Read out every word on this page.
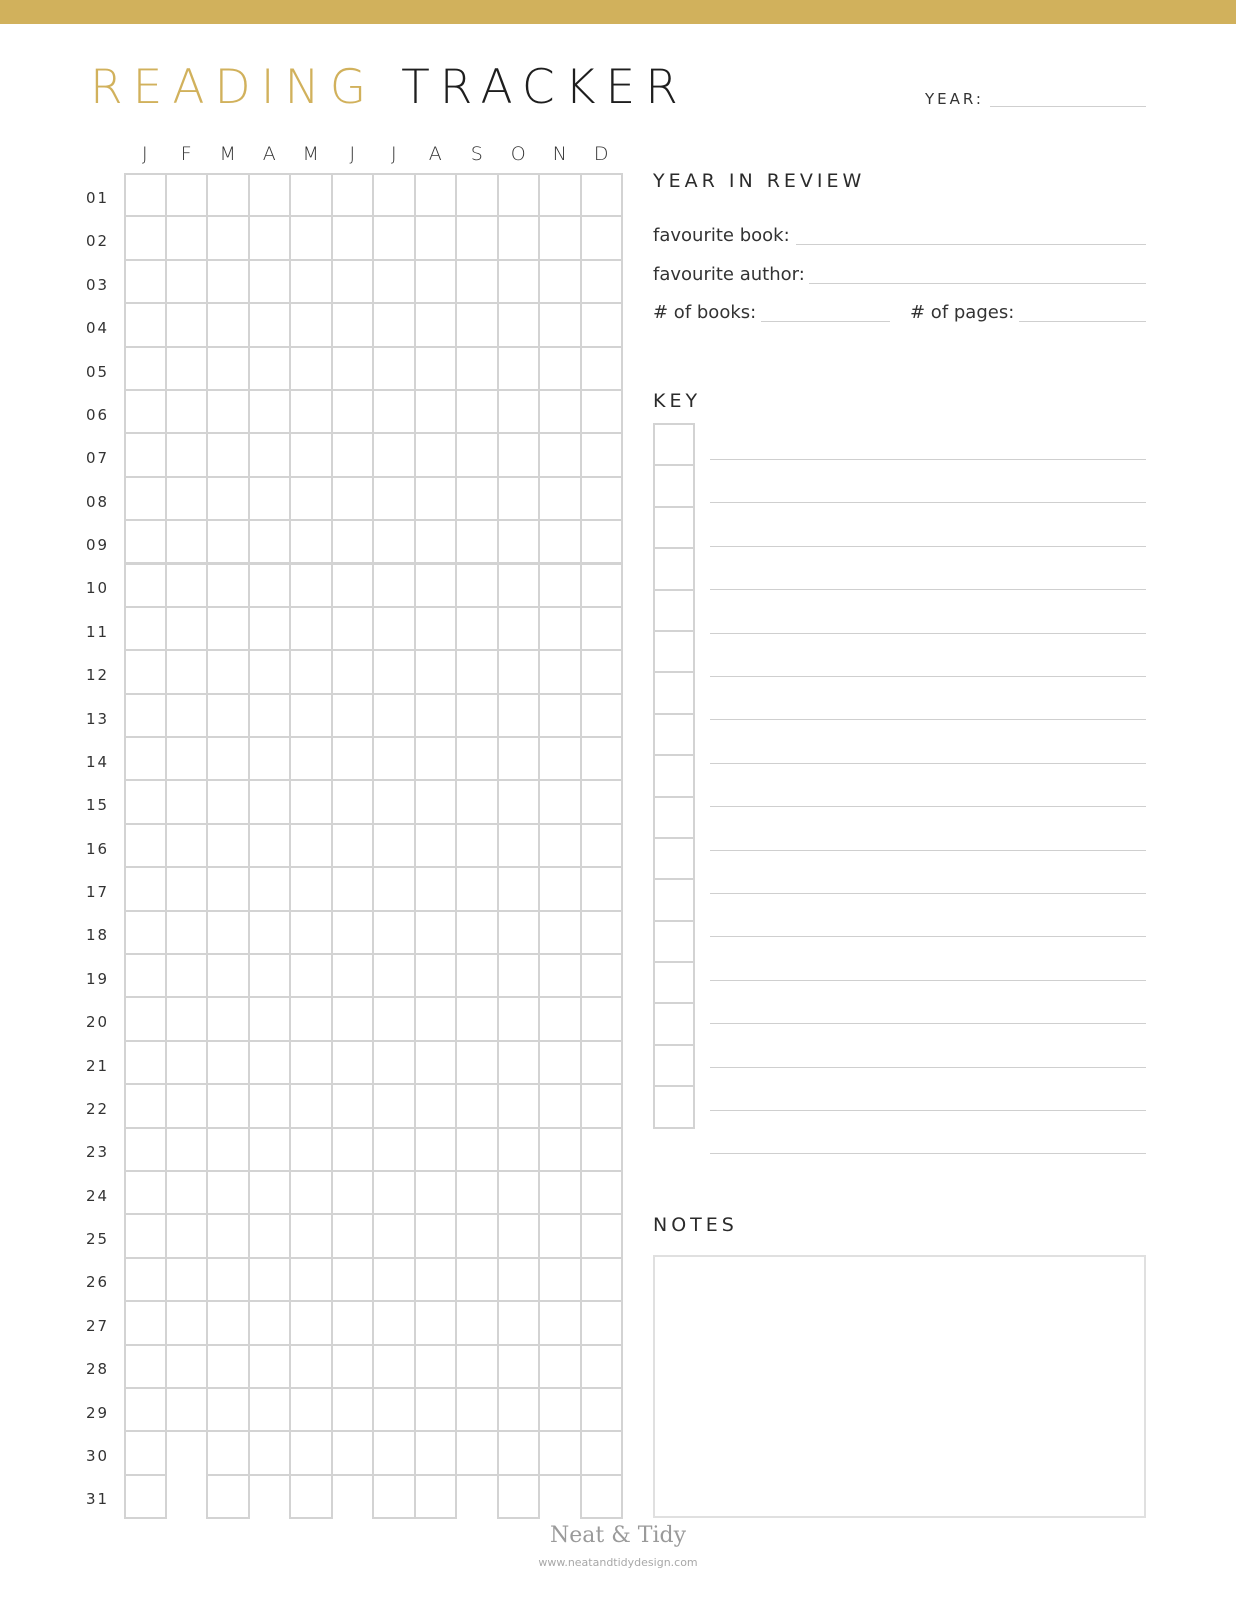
READING TRACKER	YEAR:
J	F	M	A	M	J	J	A	S	O	N	D
01
02
03
04
05
06
07
08
09
10
11
12
13
14
15
16
17
18
19
20
21
22
23
24
25
26
27
28
29
30
31
YEAR IN REVIEW
favourite book:
favourite author:
# of books:	# of pages:
KEY
NOTES
Neat & Tidy
www.neatandtidydesign.com
